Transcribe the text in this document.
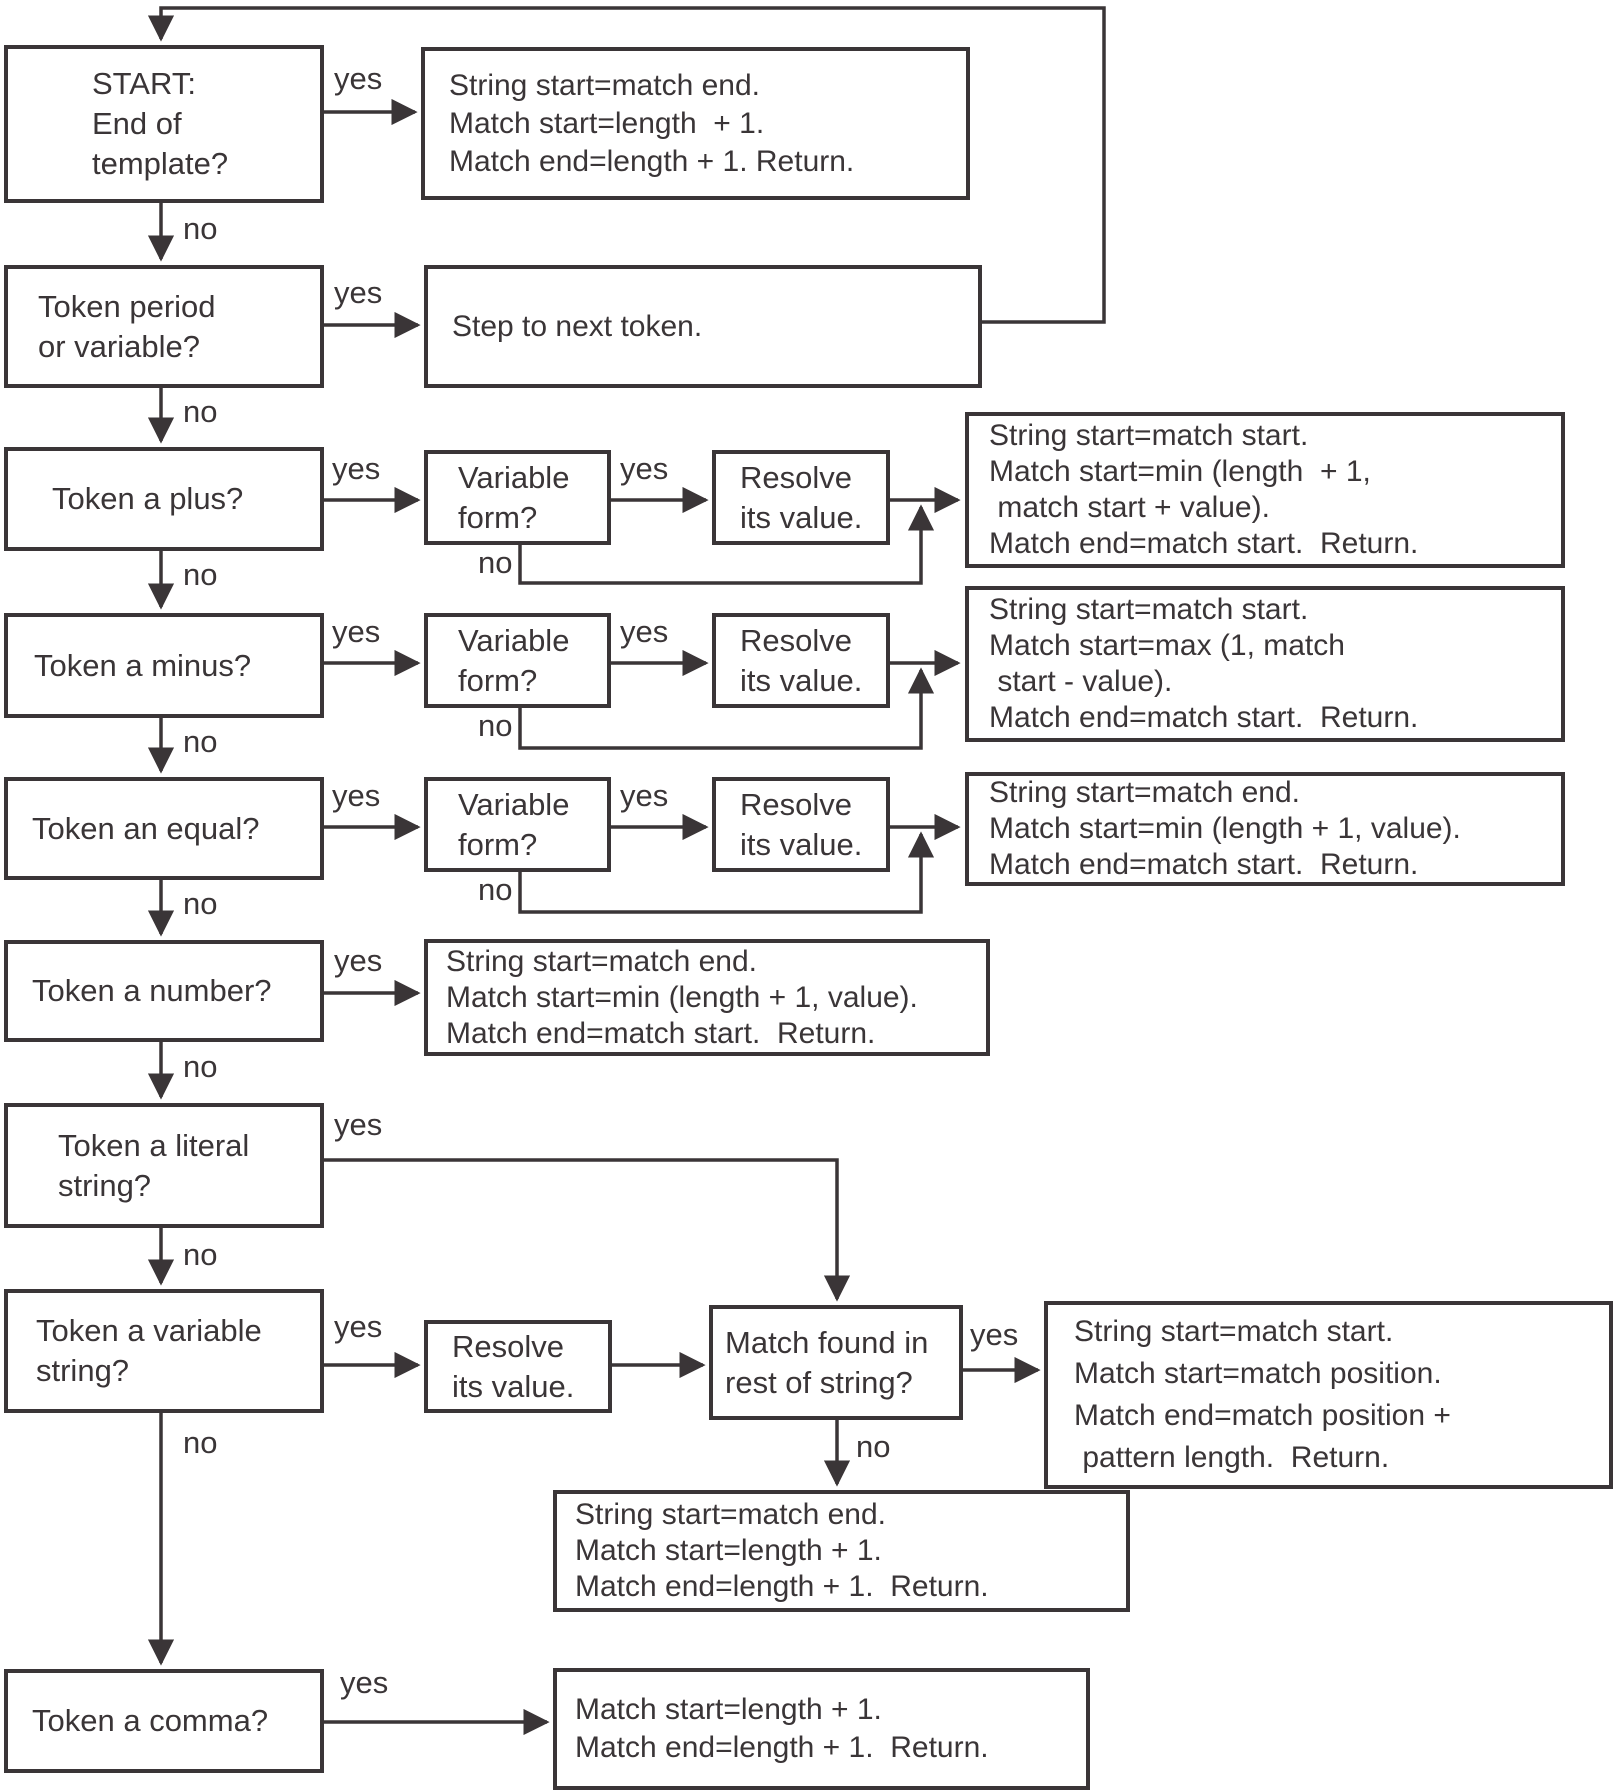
START:
End of
template?
String start=match end.
Match start=length  + 1.
Match end=length + 1. Return.
Token period
or variable?
Step to next token.
Token a plus?
Variable
form?
Resolve
its value.
String start=match start.
Match start=min (length  + 1,
match start + value).
Match end=match start.  Return.
Token a minus?
Variable
form?
Resolve
its value.
String start=match start.
Match start=max (1, match
start - value).
Match end=match start.  Return.
Token an equal?
Variable
form?
Resolve
its value.
String start=match end.
Match start=min (length + 1, value).
Match end=match start.  Return.
Token a number?
String start=match end.
Match start=min (length + 1, value).
Match end=match start.  Return.
Token a literal
string?
Token a variable
string?
Resolve
its value.
Match found in
rest of string?
String start=match start.
Match start=match position.
Match end=match position +
pattern length.  Return.
String start=match end.
Match start=length + 1.
Match end=length + 1.  Return.
Token a comma?	Match start=length + 1.
Match end=length + 1.  Return.
yes
no
yes
no
yes	yes
no
no
yes	yes
no
no
yes	yes
no
no
yes
no
yes
no
yes	yes
no
no
yes
